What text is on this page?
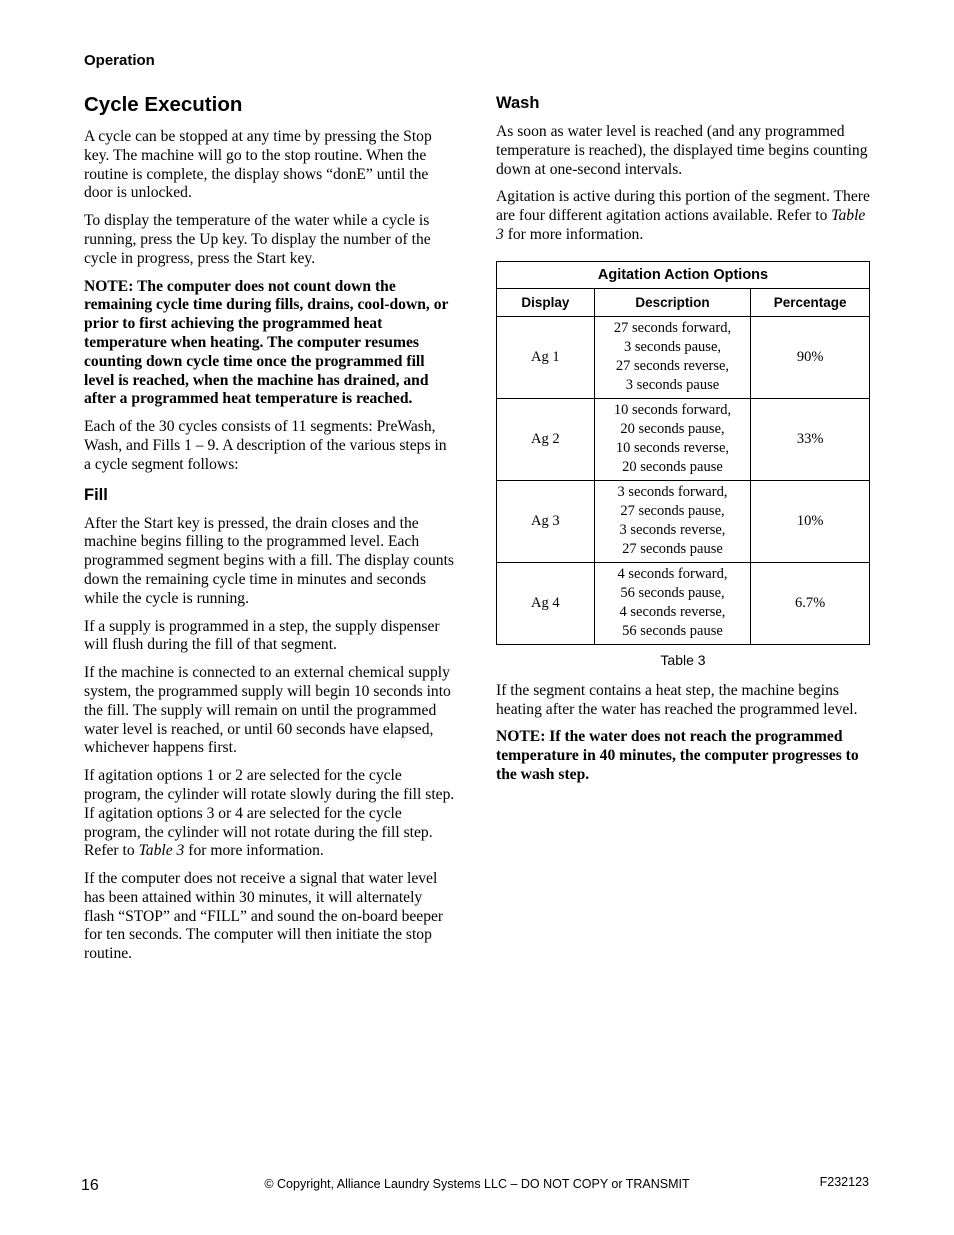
Operation
Cycle Execution

A cycle can be stopped at any time by pressing the Stop key. The machine will go to the stop routine. When the routine is complete, the display shows “donE” until the door is unlocked.

To display the temperature of the water while a cycle is running, press the Up key. To display the number of the cycle in progress, press the Start key.

NOTE: The computer does not count down the remaining cycle time during fills, drains, cool-down, or prior to first achieving the programmed heat temperature when heating. The computer resumes counting down cycle time once the programmed fill level is reached, when the machine has drained, and after a programmed heat temperature is reached.

Each of the 30 cycles consists of 11 segments: PreWash, Wash, and Fills 1 – 9. A description of the various steps in a cycle segment follows:

Fill

After the Start key is pressed, the drain closes and the machine begins filling to the programmed level. Each programmed segment begins with a fill. The display counts down the remaining cycle time in minutes and seconds while the cycle is running.

If a supply is programmed in a step, the supply dispenser will flush during the fill of that segment.

If the machine is connected to an external chemical supply system, the programmed supply will begin 10 seconds into the fill. The supply will remain on until the programmed water level is reached, or until 60 seconds have elapsed, whichever happens first.

If agitation options 1 or 2 are selected for the cycle program, the cylinder will rotate slowly during the fill step. If agitation options 3 or 4 are selected for the cycle program, the cylinder will not rotate during the fill step. Refer to Table 3 for more information.

If the computer does not receive a signal that water level has been attained within 30 minutes, it will alternately flash “STOP” and “FILL” and sound the on-board beeper for ten seconds. The computer will then initiate the stop routine.

Wash

As soon as water level is reached (and any programmed temperature is reached), the displayed time begins counting down at one-second intervals.

Agitation is active during this portion of the segment. There are four different agitation actions available. Refer to Table 3 for more information.

Agitation Action Options		
Display	Description	Percentage
Ag 1	27 seconds forward,
3 seconds pause,
27 seconds reverse,
3 seconds pause	90%
Ag 2	10 seconds forward,
20 seconds pause,
10 seconds reverse,
20 seconds pause	33%
Ag 3	3 seconds forward,
27 seconds pause,
3 seconds reverse,
27 seconds pause	10%
Ag 4	4 seconds forward,
56 seconds pause,
4 seconds reverse,
56 seconds pause	6.7%
Table 3

If the segment contains a heat step, the machine begins heating after the water has reached the programmed level.

NOTE: If the water does not reach the programmed temperature in 40 minutes, the computer progresses to the wash step.

16	© Copyright, Alliance Laundry Systems LLC – DO NOT COPY or TRANSMIT	F232123
